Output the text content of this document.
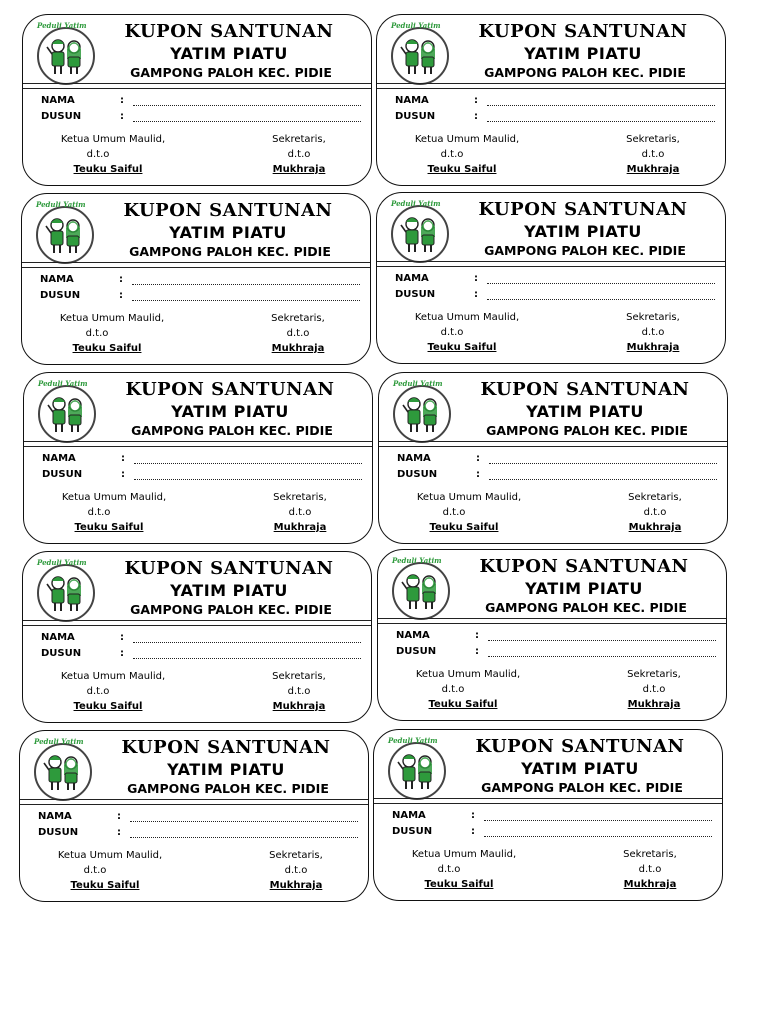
Peduli Yatim	KUPON SANTUNAN
YATIM PIATU
GAMPONG PALOH KEC. PIDIE
NAMA	:
DUSUN	:
Ketua Umum Maulid,
d.t.o
Teuku Saiful
Sekretaris,
d.t.o
Mukhraja
Peduli Yatim	KUPON SANTUNAN
YATIM PIATU
GAMPONG PALOH KEC. PIDIE
NAMA	:
DUSUN	:
Ketua Umum Maulid,
d.t.o
Teuku Saiful
Sekretaris,
d.t.o
Mukhraja
Peduli Yatim	KUPON SANTUNAN
YATIM PIATU
GAMPONG PALOH KEC. PIDIE
NAMA	:
DUSUN	:
Ketua Umum Maulid,
d.t.o
Teuku Saiful
Sekretaris,
d.t.o
Mukhraja
Peduli Yatim	KUPON SANTUNAN
YATIM PIATU
GAMPONG PALOH KEC. PIDIE
NAMA	:
DUSUN	:
Ketua Umum Maulid,
d.t.o
Teuku Saiful
Sekretaris,
d.t.o
Mukhraja
Peduli Yatim	KUPON SANTUNAN
YATIM PIATU
GAMPONG PALOH KEC. PIDIE
NAMA	:
DUSUN	:
Ketua Umum Maulid,
d.t.o
Teuku Saiful
Sekretaris,
d.t.o
Mukhraja
Peduli Yatim	KUPON SANTUNAN
YATIM PIATU
GAMPONG PALOH KEC. PIDIE
NAMA	:
DUSUN	:
Ketua Umum Maulid,
d.t.o
Teuku Saiful
Sekretaris,
d.t.o
Mukhraja
Peduli Yatim	KUPON SANTUNAN
YATIM PIATU
GAMPONG PALOH KEC. PIDIE
NAMA	:
DUSUN	:
Ketua Umum Maulid,
d.t.o
Teuku Saiful
Sekretaris,
d.t.o
Mukhraja
Peduli Yatim	KUPON SANTUNAN
YATIM PIATU
GAMPONG PALOH KEC. PIDIE
NAMA	:
DUSUN	:
Ketua Umum Maulid,
d.t.o
Teuku Saiful
Sekretaris,
d.t.o
Mukhraja
Peduli Yatim	KUPON SANTUNAN
YATIM PIATU
GAMPONG PALOH KEC. PIDIE
NAMA	:
DUSUN	:
Ketua Umum Maulid,
d.t.o
Teuku Saiful
Sekretaris,
d.t.o
Mukhraja
Peduli Yatim	KUPON SANTUNAN
YATIM PIATU
GAMPONG PALOH KEC. PIDIE
NAMA	:
DUSUN	:
Ketua Umum Maulid,
d.t.o
Teuku Saiful
Sekretaris,
d.t.o
Mukhraja
